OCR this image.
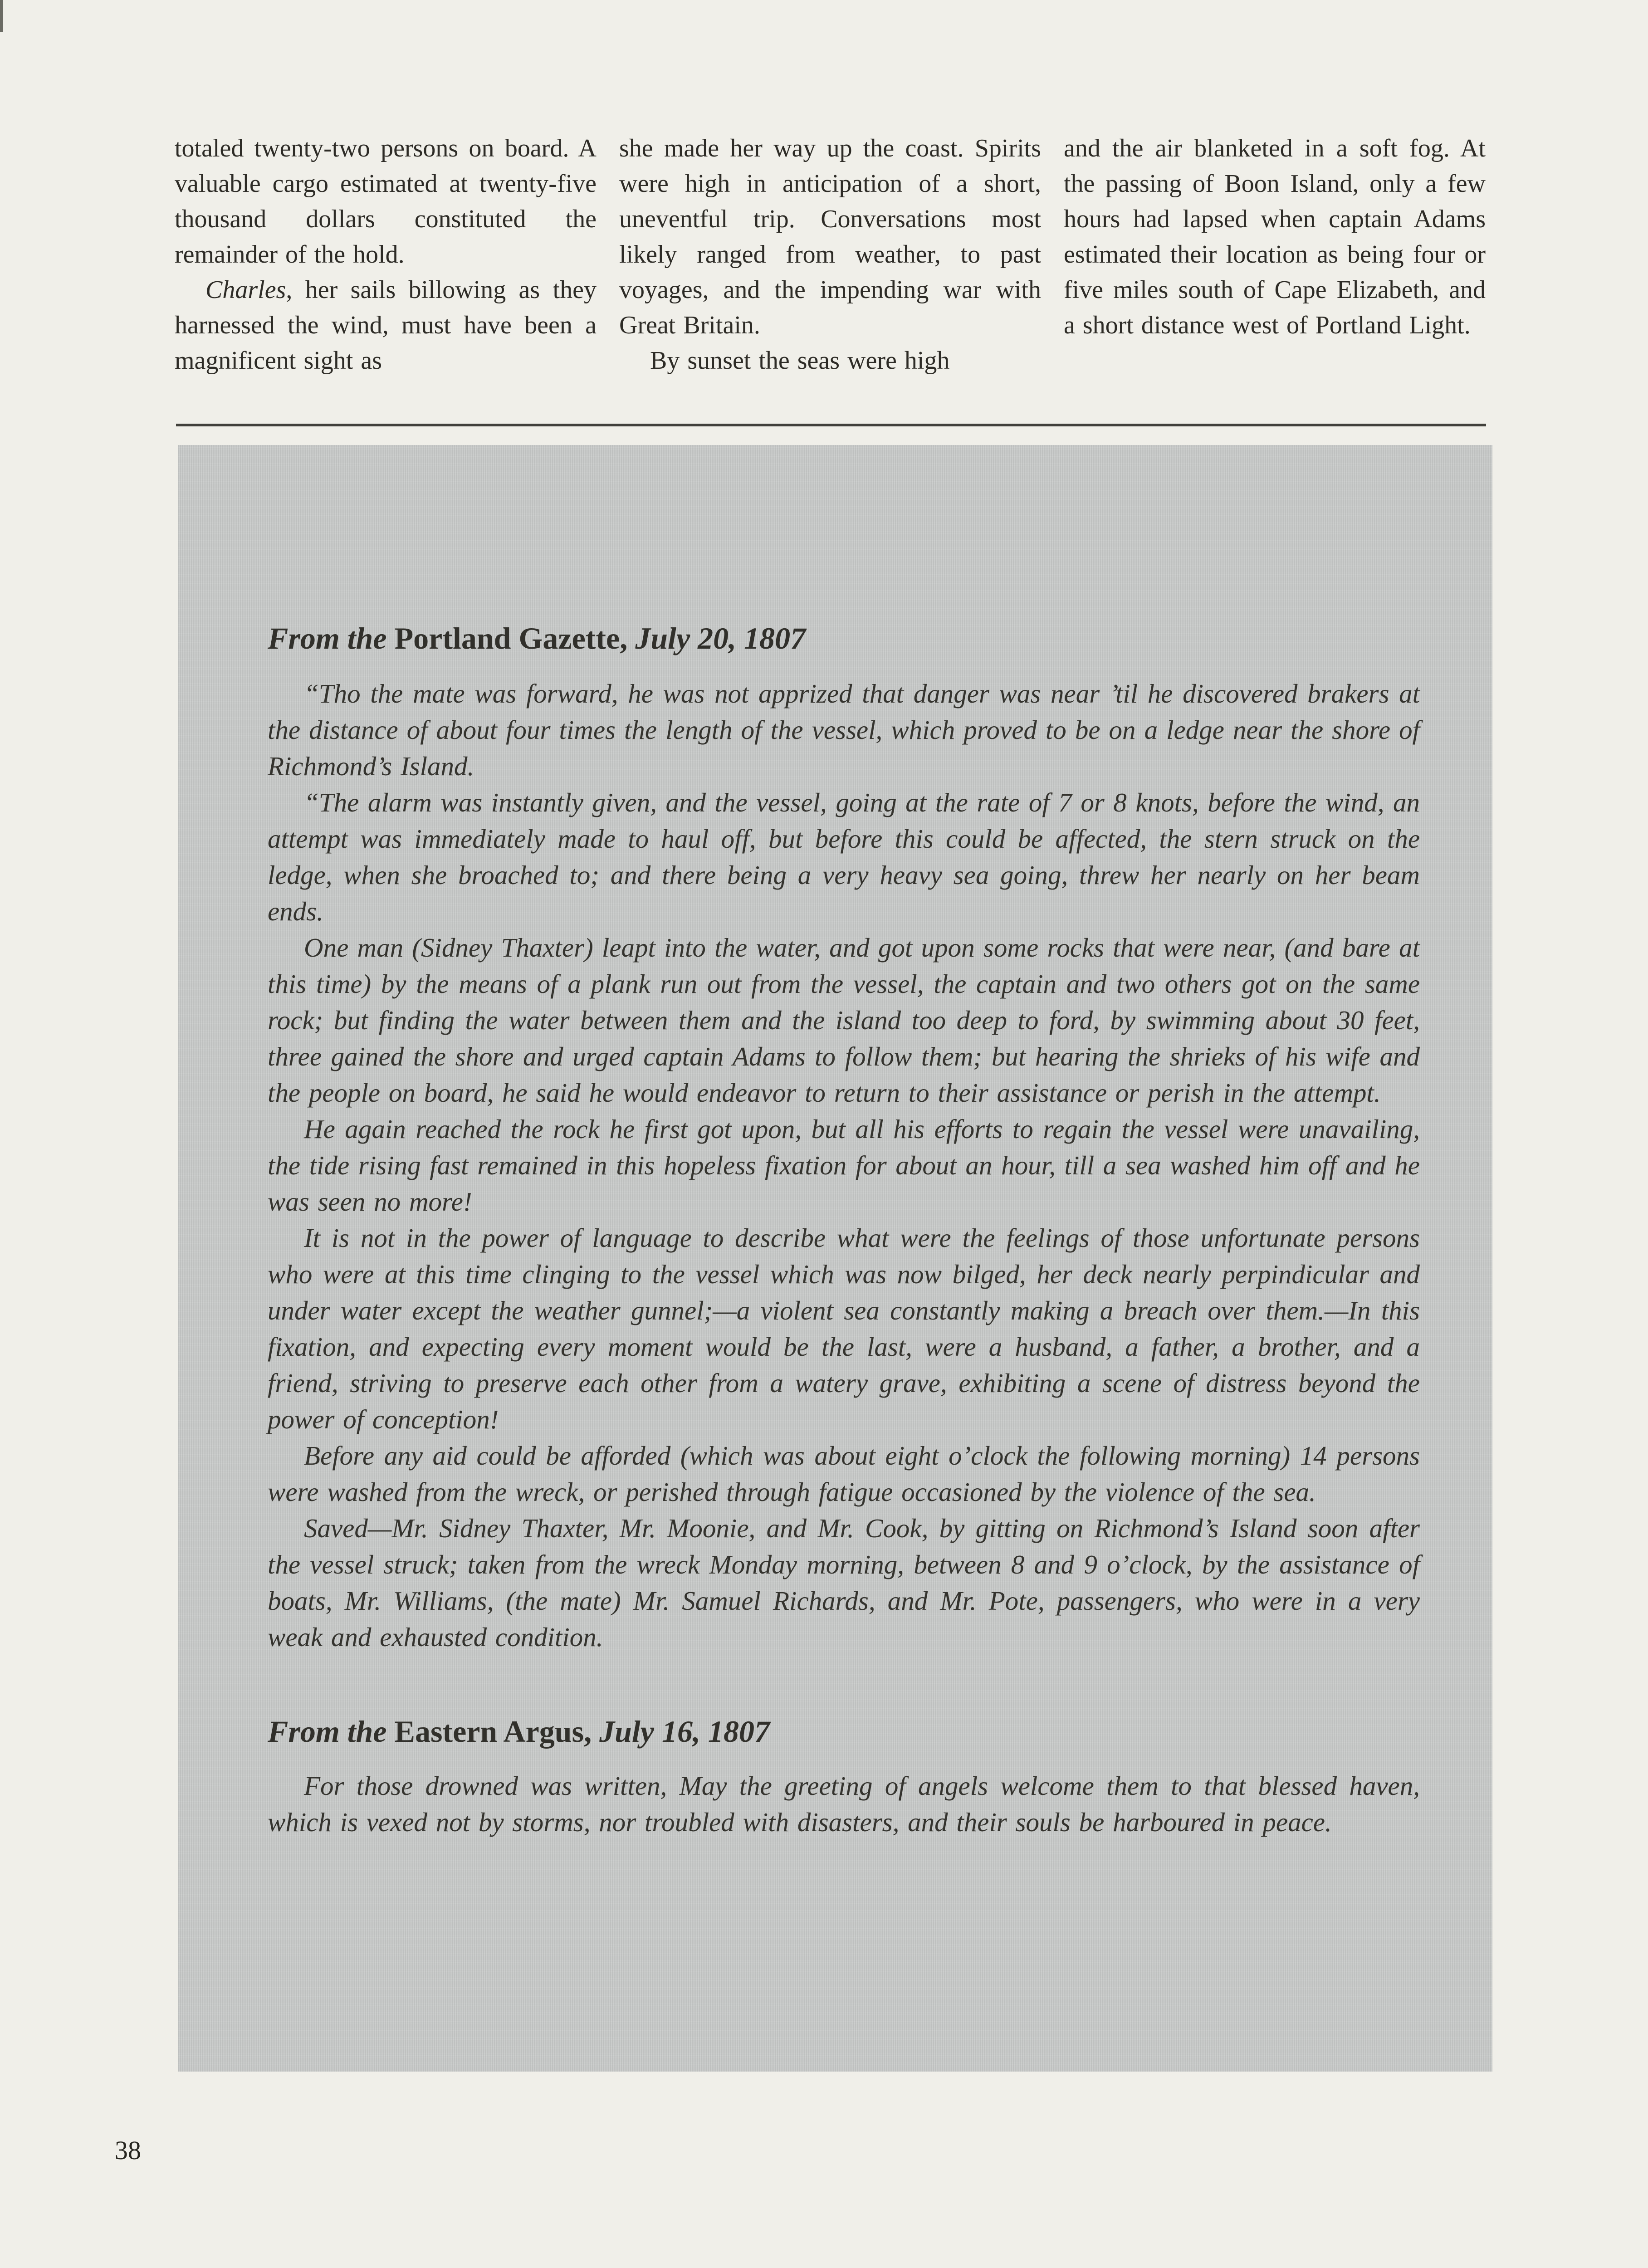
totaled twenty-two persons on board. A valuable cargo estimated at twenty-five thousand dollars constituted the remainder of the hold.

Charles, her sails billowing as they harnessed the wind, must have been a magnificent sight as

she made her way up the coast. Spirits were high in anticipation of a short, uneventful trip. Conversations most likely ranged from weather, to past voyages, and the impending war with Great Britain.

By sunset the seas were high

and the air blanketed in a soft fog. At the passing of Boon Island, only a few hours had lapsed when captain Adams estimated their location as being four or five miles south of Cape Elizabeth, and a short distance west of Portland Light.

From the Portland Gazette, July 20, 1807

“Tho the mate was forward, he was not apprized that danger was near ’til he discovered brakers at the distance of about four times the length of the vessel, which proved to be on a ledge near the shore of Richmond’s Island.

“The alarm was instantly given, and the vessel, going at the rate of 7 or 8 knots, before the wind, an attempt was immediately made to haul off, but before this could be affected, the stern struck on the ledge, when she broached to; and there being a very heavy sea going, threw her nearly on her beam ends.

One man (Sidney Thaxter) leapt into the water, and got upon some rocks that were near, (and bare at this time) by the means of a plank run out from the vessel, the captain and two others got on the same rock; but finding the water between them and the island too deep to ford, by swimming about 30 feet, three gained the shore and urged captain Adams to follow them; but hearing the shrieks of his wife and the people on board, he said he would endeavor to return to their assistance or perish in the attempt.

He again reached the rock he first got upon, but all his efforts to regain the vessel were unavailing, the tide rising fast remained in this hopeless fixation for about an hour, till a sea washed him off and he was seen no more!

It is not in the power of language to describe what were the feelings of those unfortunate persons who were at this time clinging to the vessel which was now bilged, her deck nearly perpindicular and under water except the weather gunnel;—a violent sea constantly making a breach over them.—In this fixation, and expecting every moment would be the last, were a husband, a father, a brother, and a friend, striving to preserve each other from a watery grave, exhibiting a scene of distress beyond the power of conception!

Before any aid could be afforded (which was about eight o’clock the following morning) 14 persons were washed from the wreck, or perished through fatigue occasioned by the violence of the sea.

Saved—Mr. Sidney Thaxter, Mr. Moonie, and Mr. Cook, by gitting on Richmond’s Island soon after the vessel struck; taken from the wreck Monday morning, between 8 and 9 o’clock, by the assistance of boats, Mr. Williams, (the mate) Mr. Samuel Richards, and Mr. Pote, passengers, who were in a very weak and exhausted condition.

From the Eastern Argus, July 16, 1807

For those drowned was written, May the greeting of angels welcome them to that blessed haven, which is vexed not by storms, nor troubled with disasters, and their souls be harboured in peace.

38
